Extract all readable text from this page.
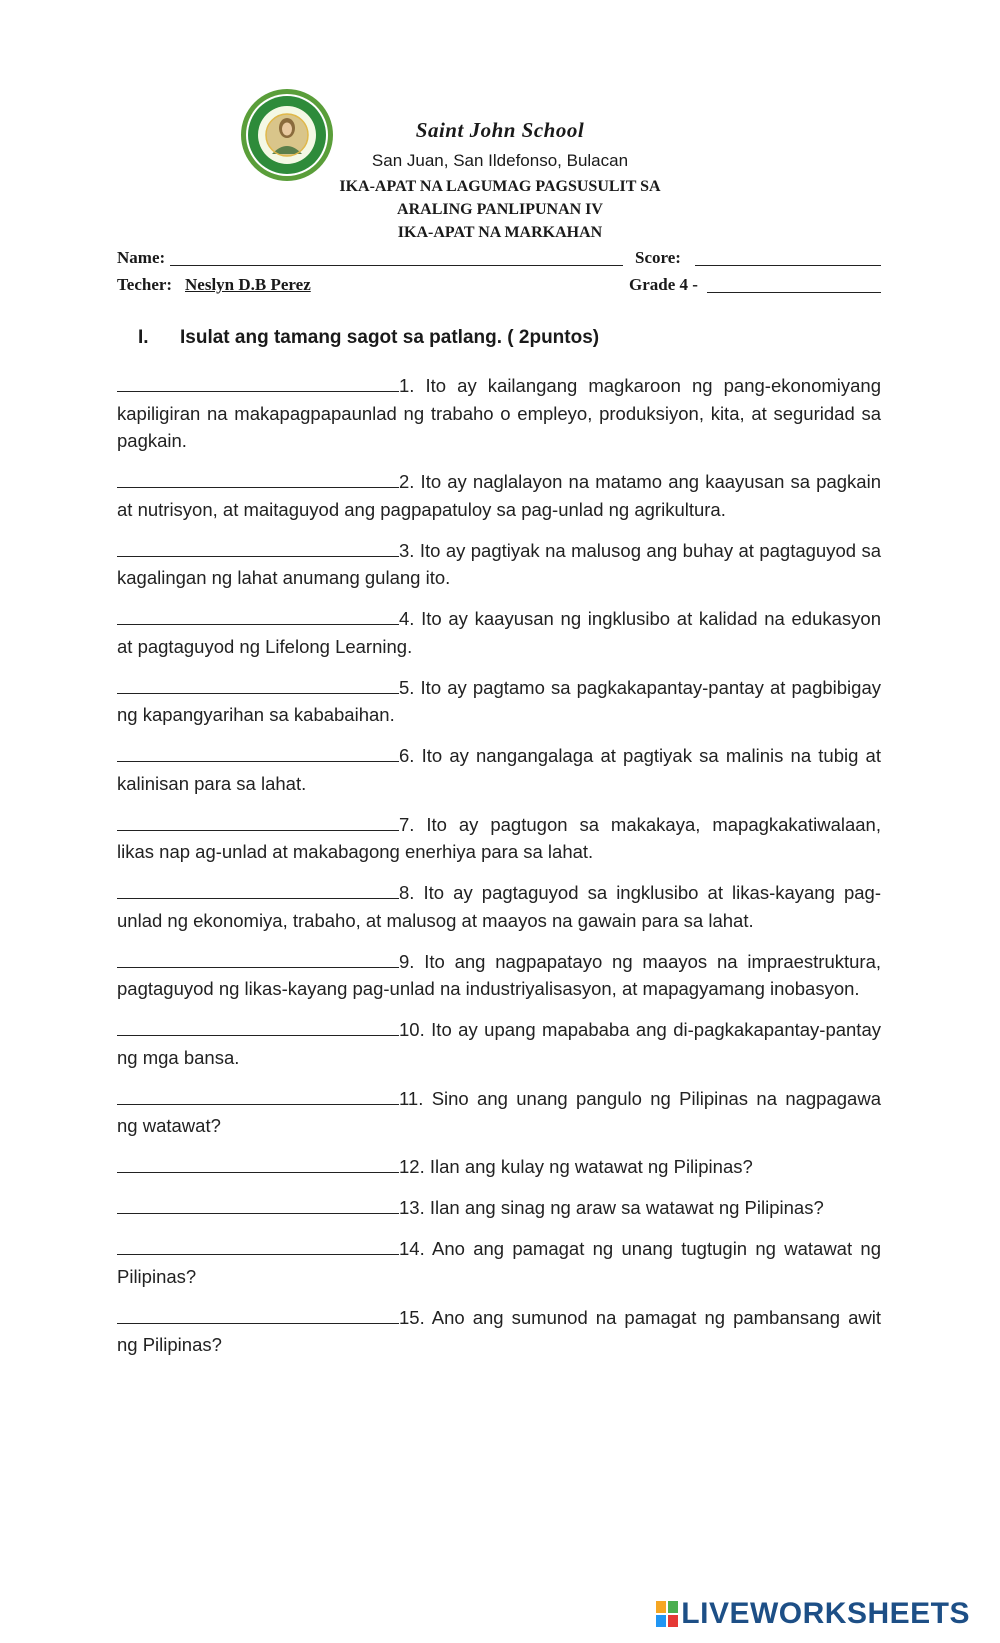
Saint John School
San Juan, San Ildefonso, Bulacan
IKA-APAT NA LAGUMAG PAGSUSULIT SA
ARALING PANLIPUNAN IV
IKA-APAT NA MARKAHAN
Name:	Score:
Techer: Neslyn D.B Perez	Grade 4 -
I. Isulat ang tamang sagot sa patlang. ( 2puntos)

1. Ito ay kailangang magkaroon ng pang-ekonomiyang kapiligiran na makapagpapaunlad ng trabaho o empleyo, produksiyon, kita, at seguridad sa pagkain.

2. Ito ay naglalayon na matamo ang kaayusan sa pagkain at nutrisyon, at maitaguyod ang pagpapatuloy sa pag-unlad ng agrikultura.

3. Ito ay pagtiyak na malusog ang buhay at pagtaguyod sa kagalingan ng lahat anumang gulang ito.

4. Ito ay kaayusan ng ingklusibo at kalidad na edukasyon at pagtaguyod ng Lifelong Learning.

5. Ito ay pagtamo sa pagkakapantay-pantay at pagbibigay ng kapangyarihan sa kababaihan.

6. Ito ay nangangalaga at pagtiyak sa malinis na tubig at kalinisan para sa lahat.

7. Ito ay pagtugon sa makakaya, mapagkakatiwalaan, likas nap ag-unlad at makabagong enerhiya para sa lahat.

8. Ito ay pagtaguyod sa ingklusibo at likas-kayang pag-unlad ng ekonomiya, trabaho, at malusog at maayos na gawain para sa lahat.

9. Ito ang nagpapatayo ng maayos na impraestruktura, pagtaguyod ng likas-kayang pag-unlad na industriyalisasyon, at mapagyamang inobasyon.

10. Ito ay upang mapababa ang di-pagkakapantay-pantay ng mga bansa.

11. Sino ang unang pangulo ng Pilipinas na nagpagawa ng watawat?

12. Ilan ang kulay ng watawat ng Pilipinas?

13. Ilan ang sinag ng araw sa watawat ng Pilipinas?

14. Ano ang pamagat ng unang tugtugin ng watawat ng Pilipinas?

15. Ano ang sumunod na pamagat ng pambansang awit ng Pilipinas?

LIVEWORKSHEETS
